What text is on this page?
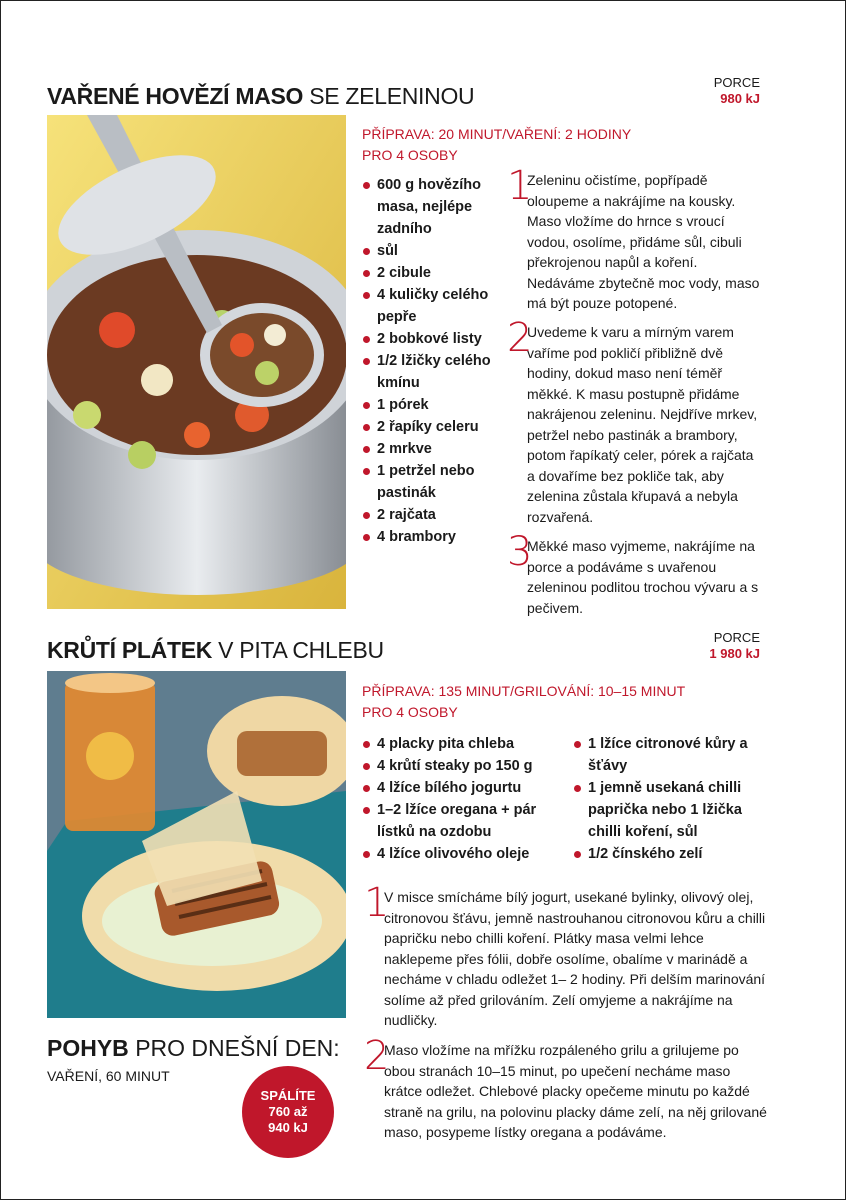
VAŘENÉ HOVĚZÍ MASO SE ZELENINOU
PORCE
980 kJ
PŘÍPRAVA: 20 MINUT/VAŘENÍ: 2 HODINY
PRO 4 OSOBY
600 g hovězího masa, nejlépe zadního
sůl
2 cibule
4 kuličky celého pepře
2 bobkové listy
1/2 lžičky celého kmínu
1 pórek
2 řapíky celeru
2 mrkve
1 petržel nebo pastinák
2 rajčata
4 brambory
1
Zeleninu očistíme, popřípadě oloupeme a nakrájíme na kousky. Maso vložíme do hrnce s vroucí vodou, osolíme, přidáme sůl, cibuli překrojenou napůl a koření. Nedáváme zbytečně moc vody, maso má být pouze potopené.
2
Uvedeme k varu a mírným varem vaříme pod pokličí přibližně dvě hodiny, dokud maso není téměř měkké. K masu postupně přidáme nakrájenou zeleninu. Nejdříve mrkev, petržel nebo pastinák a brambory, potom řapíkatý celer, pórek a rajčata a dovaříme bez pokliče tak, aby zelenina zůstala křupavá a nebyla rozvařená.
3
Měkké maso vyjmeme, nakrájíme na porce a podáváme s uvařenou zeleninou podlitou trochou vývaru a s pečivem.
KRŮTÍ PLÁTEK V PITA CHLEBU	PORCE
1 980 kJ
PŘÍPRAVA: 135 MINUT/GRILOVÁNÍ: 10–15 MINUT
PRO 4 OSOBY
4 placky pita chleba
4 krůtí steaky po 150 g
4 lžíce bílého jogurtu
1–2 lžíce oregana + pár lístků na ozdobu
4 lžíce olivového oleje
1 lžíce citronové kůry a šťávy
1 jemně usekaná chilli paprička nebo 1 lžička chilli koření, sůl
1/2 čínského zelí
1
V misce smícháme bílý jogurt, usekané bylinky, olivový olej, citronovou šťávu, jemně nastrouhanou citronovou kůru a chilli papričku nebo chilli koření. Plátky masa velmi lehce naklepeme přes fólii, dobře osolíme, obalíme v marinádě a necháme v chladu odležet 1– 2 hodiny. Při delším marinování solíme až před grilováním. Zelí omyjeme a nakrájíme na nudličky.
2
Maso vložíme na mřížku rozpáleného grilu a grilujeme po obou stranách 10–15 minut, po upečení necháme maso krátce odležet. Chlebové placky opečeme minutu po každé straně na grilu, na polovinu placky dáme zelí, na něj grilované maso, posypeme lístky oregana a podáváme.
POHYB PRO DNEŠNÍ DEN:
VAŘENÍ, 60 MINUT
SPÁLÍTE
760 až
940 kJ
